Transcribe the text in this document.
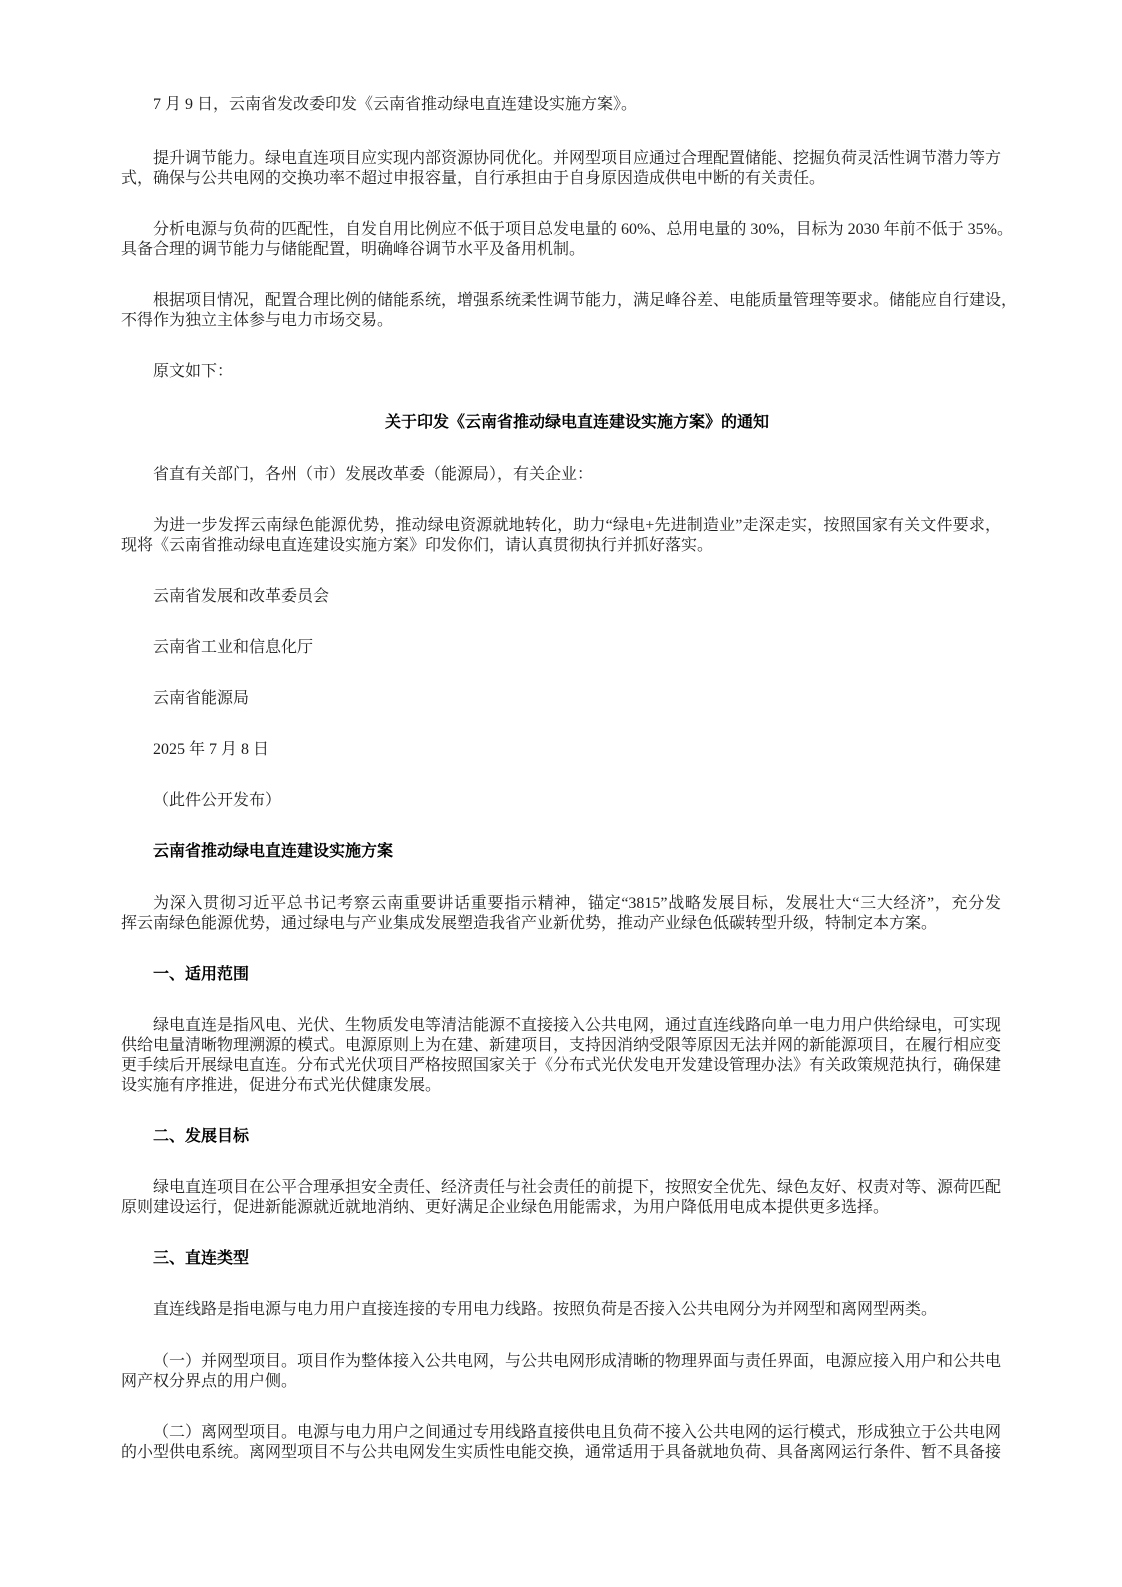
7 月 9 日，云南省发改委印发《云南省推动绿电直连建设实施方案》。

提升调节能力。绿电直连项目应实现内部资源协同优化。并网型项目应通过合理配置储能、挖掘负荷灵活性调节潜力等方
式，确保与公共电网的交换功率不超过申报容量，自行承担由于自身原因造成供电中断的有关责任。

分析电源与负荷的匹配性，自发自用比例应不低于项目总发电量的 60%、总用电量的 30%，目标为 2030 年前不低于 35%。
具备合理的调节能力与储能配置，明确峰谷调节水平及备用机制。

根据项目情况，配置合理比例的储能系统，增强系统柔性调节能力，满足峰谷差、电能质量管理等要求。储能应自行建设，
不得作为独立主体参与电力市场交易。

原文如下：

关于印发《云南省推动绿电直连建设实施方案》的通知

省直有关部门，各州（市）发展改革委（能源局），有关企业：

为进一步发挥云南绿色能源优势，推动绿电资源就地转化，助力“绿电+先进制造业”走深走实，按照国家有关文件要求，
现将《云南省推动绿电直连建设实施方案》印发你们，请认真贯彻执行并抓好落实。

云南省发展和改革委员会

云南省工业和信息化厅

云南省能源局

2025 年 7 月 8 日

（此件公开发布）

云南省推动绿电直连建设实施方案

为深入贯彻习近平总书记考察云南重要讲话重要指示精神，锚定“3815”战略发展目标，发展壮大“三大经济”，充分发
挥云南绿色能源优势，通过绿电与产业集成发展塑造我省产业新优势，推动产业绿色低碳转型升级，特制定本方案。

一、适用范围

绿电直连是指风电、光伏、生物质发电等清洁能源不直接接入公共电网，通过直连线路向单一电力用户供给绿电，可实现
供给电量清晰物理溯源的模式。电源原则上为在建、新建项目，支持因消纳受限等原因无法并网的新能源项目，在履行相应变
更手续后开展绿电直连。分布式光伏项目严格按照国家关于《分布式光伏发电开发建设管理办法》有关政策规范执行，确保建
设实施有序推进，促进分布式光伏健康发展。

二、发展目标

绿电直连项目在公平合理承担安全责任、经济责任与社会责任的前提下，按照安全优先、绿色友好、权责对等、源荷匹配
原则建设运行，促进新能源就近就地消纳、更好满足企业绿色用能需求，为用户降低用电成本提供更多选择。

三、直连类型

直连线路是指电源与电力用户直接连接的专用电力线路。按照负荷是否接入公共电网分为并网型和离网型两类。

（一）并网型项目。项目作为整体接入公共电网，与公共电网形成清晰的物理界面与责任界面，电源应接入用户和公共电
网产权分界点的用户侧。

（二）离网型项目。电源与电力用户之间通过专用线路直接供电且负荷不接入公共电网的运行模式，形成独立于公共电网
的小型供电系统。离网型项目不与公共电网发生实质性电能交换，通常适用于具备就地负荷、具备离网运行条件、暂不具备接
